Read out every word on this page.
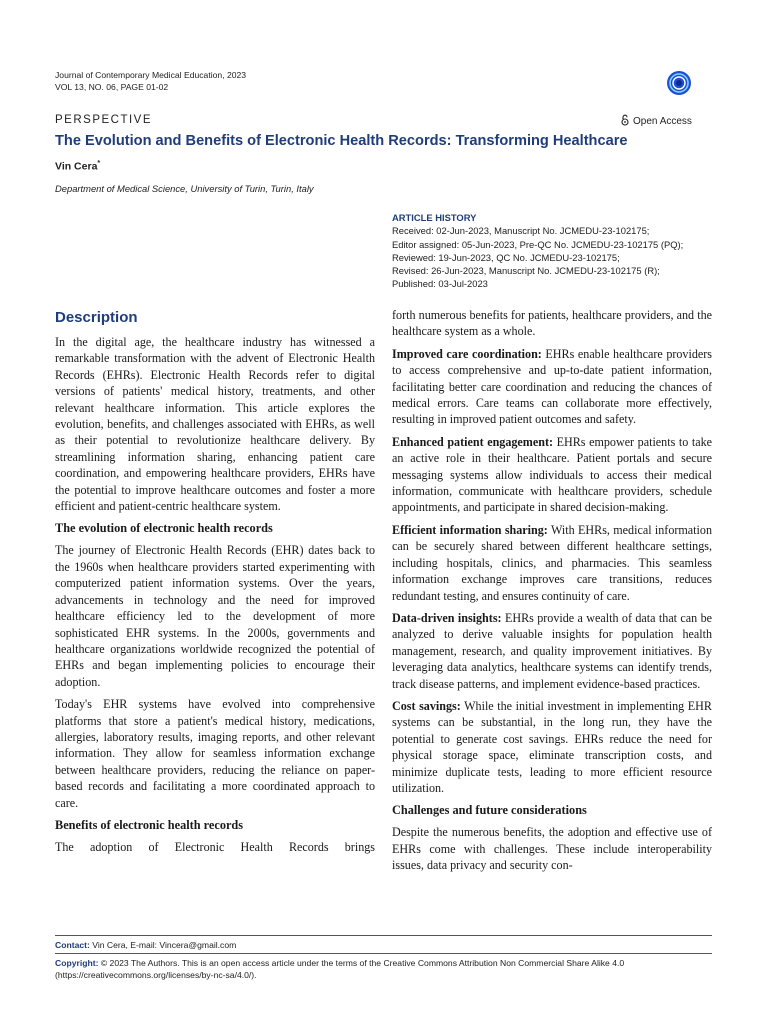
Journal of Contemporary Medical Education, 2023
VOL 13, NO. 06, PAGE 01-02
PERSPECTIVE	Open Access
The Evolution and Benefits of Electronic Health Records: Transforming Healthcare
Vin Cera*
Department of Medical Science, University of Turin, Turin, Italy
ARTICLE HISTORY
Received: 02-Jun-2023, Manuscript No. JCMEDU-23-102175;
Editor assigned: 05-Jun-2023, Pre-QC No. JCMEDU-23-102175 (PQ);
Reviewed: 19-Jun-2023, QC No. JCMEDU-23-102175;
Revised: 26-Jun-2023, Manuscript No. JCMEDU-23-102175 (R);
Published: 03-Jul-2023
Description

In the digital age, the healthcare industry has witnessed a remarkable transformation with the advent of Electronic Health Records (EHRs). Electronic Health Records refer to digital versions of patients' medical history, treatments, and other relevant healthcare information. This article explores the evolution, benefits, and challenges associated with EHRs, as well as their potential to revolutionize healthcare delivery. By streamlining information sharing, enhancing patient care coordination, and empowering healthcare providers, EHRs have the potential to improve healthcare outcomes and foster a more efficient and patient-centric healthcare system.

The evolution of electronic health records

The journey of Electronic Health Records (EHR) dates back to the 1960s when healthcare providers started experimenting with computerized patient information systems. Over the years, advancements in technology and the need for improved healthcare efficiency led to the development of more sophisticated EHR systems. In the 2000s, governments and healthcare organizations worldwide recognized the potential of EHRs and began implementing policies to encourage their adoption.

Today's EHR systems have evolved into comprehensive platforms that store a patient's medical history, medications, allergies, laboratory results, imaging reports, and other relevant information. They allow for seamless information exchange between healthcare providers, reducing the reliance on paper-based records and facilitating a more coordinated approach to care.

Benefits of electronic health records

The adoption of Electronic Health Records brings

forth numerous benefits for patients, healthcare providers, and the healthcare system as a whole.

Improved care coordination: EHRs enable healthcare providers to access comprehensive and up-to-date patient information, facilitating better care coordination and reducing the chances of medical errors. Care teams can collaborate more effectively, resulting in improved patient outcomes and safety.

Enhanced patient engagement: EHRs empower patients to take an active role in their healthcare. Patient portals and secure messaging systems allow individuals to access their medical information, communicate with healthcare providers, schedule appointments, and participate in shared decision-making.

Efficient information sharing: With EHRs, medical information can be securely shared between different healthcare settings, including hospitals, clinics, and pharmacies. This seamless information exchange improves care transitions, reduces redundant testing, and ensures continuity of care.

Data-driven insights: EHRs provide a wealth of data that can be analyzed to derive valuable insights for population health management, research, and quality improvement initiatives. By leveraging data analytics, healthcare systems can identify trends, track disease patterns, and implement evidence-based practices.

Cost savings: While the initial investment in implementing EHR systems can be substantial, in the long run, they have the potential to generate cost savings. EHRs reduce the need for physical storage space, eliminate transcription costs, and minimize duplicate tests, leading to more efficient resource utilization.

Challenges and future considerations

Despite the numerous benefits, the adoption and effective use of EHRs come with challenges. These include interoperability issues, data privacy and security con-

Contact: Vin Cera, E-mail: Vincera@gmail.com
Copyright: © 2023 The Authors. This is an open access article under the terms of the Creative Commons Attribution Non Commercial Share Alike 4.0 (https://creativecommons.org/licenses/by-nc-sa/4.0/).
